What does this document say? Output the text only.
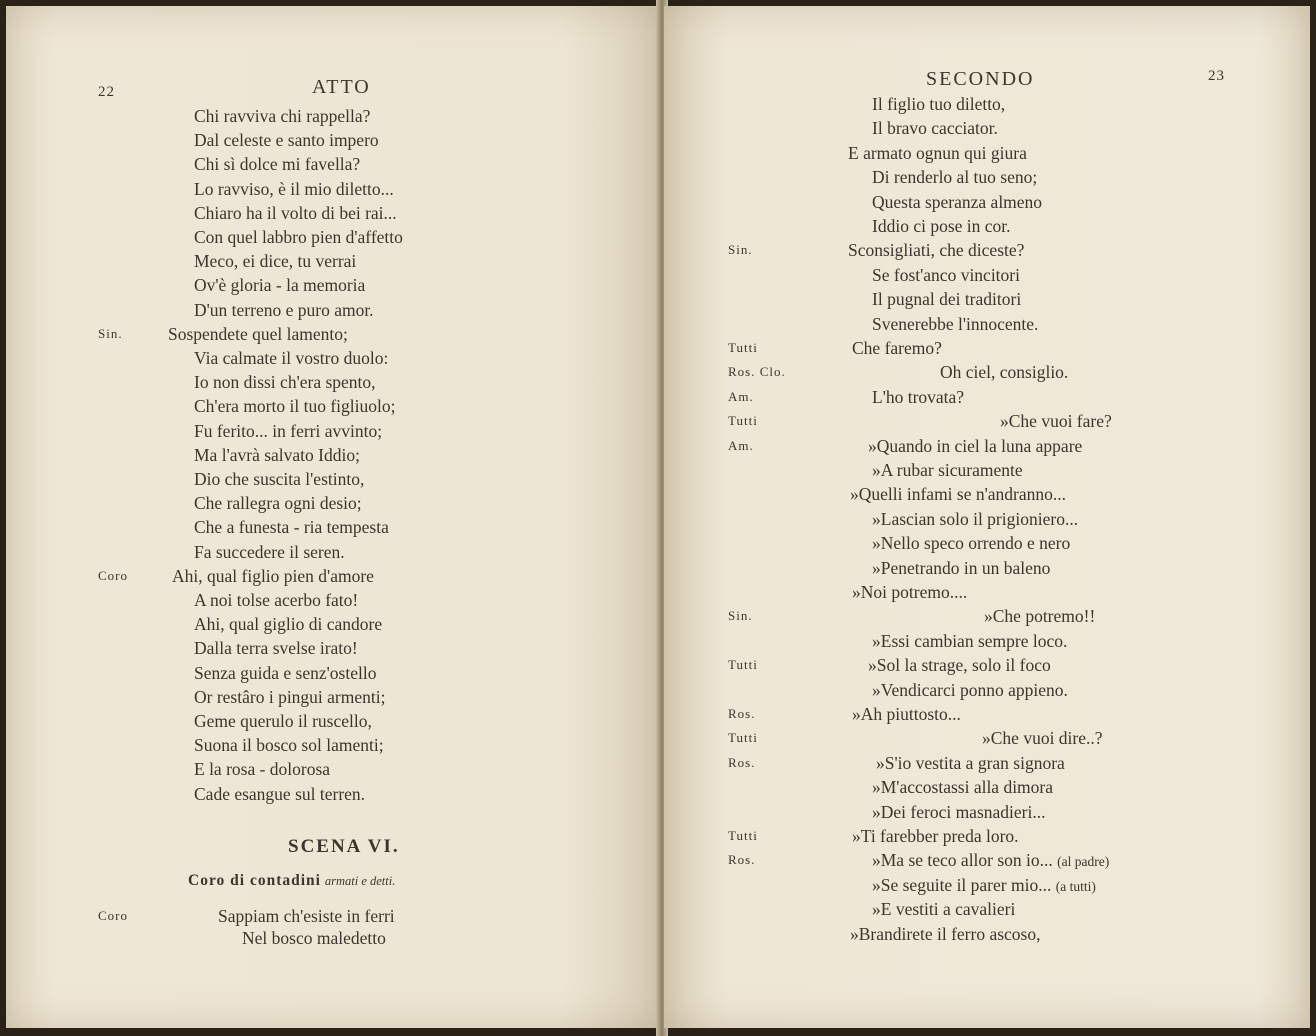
22	ATTO
Chi ravviva chi rappella?
Dal celeste e santo impero
Chi sì dolce mi favella?
Lo ravviso, è il mio diletto...
Chiaro ha il volto di bei rai...
Con quel labbro pien d'affetto
Meco, ei dice, tu verrai
Ov'è gloria - la memoria
D'un terreno e puro amor.
Sin.	Sospendete quel lamento;
Via calmate il vostro duolo:
Io non dissi ch'era spento,
Ch'era morto il tuo figliuolo;
Fu ferito... in ferri avvinto;
Ma l'avrà salvato Iddio;
Dio che suscita l'estinto,
Che rallegra ogni desio;
Che a funesta - ria tempesta
Fa succedere il seren.
Coro	Ahi, qual figlio pien d'amore
A noi tolse acerbo fato!
Ahi, qual giglio di candore
Dalla terra svelse irato!
Senza guida e senz'ostello
Or restâro i pingui armenti;
Geme querulo il ruscello,
Suona il bosco sol lamenti;
E la rosa - dolorosa
Cade esangue sul terren.
SCENA VI.
Coro di contadini armati e detti.
Coro	Sappiam ch'esiste in ferri
Nel bosco maledetto
SECONDO	23
Il figlio tuo diletto,
Il bravo cacciator.
E armato ognun qui giura
Di renderlo al tuo seno;
Questa speranza almeno
Iddio ci pose in cor.
Sin.	Sconsigliati, che diceste?
Se fost'anco vincitori
Il pugnal dei traditori
Svenerebbe l'innocente.
Tutti	Che faremo?
Ros. Clo.	Oh ciel, consiglio.
Am.	L'ho trovata?
Tutti	»Che vuoi fare?
Am.	»Quando in ciel la luna appare
»A rubar sicuramente
»Quelli infami se n'andranno...
»Lascian solo il prigioniero...
»Nello speco orrendo e nero
»Penetrando in un baleno
»Noi potremo....
Sin.	»Che potremo!!
»Essi cambian sempre loco.
Tutti	»Sol la strage, solo il foco
»Vendicarci ponno appieno.
Ros.	»Ah piuttosto...
Tutti	»Che vuoi dire..?
Ros.	»S'io vestita a gran signora
»M'accostassi alla dimora
»Dei feroci masnadieri...
Tutti	»Ti farebber preda loro.
Ros.	»Ma se teco allor son io... (al padre)
»Se seguite il parer mio... (a tutti)
»E vestiti a cavalieri
»Brandirete il ferro ascoso,
